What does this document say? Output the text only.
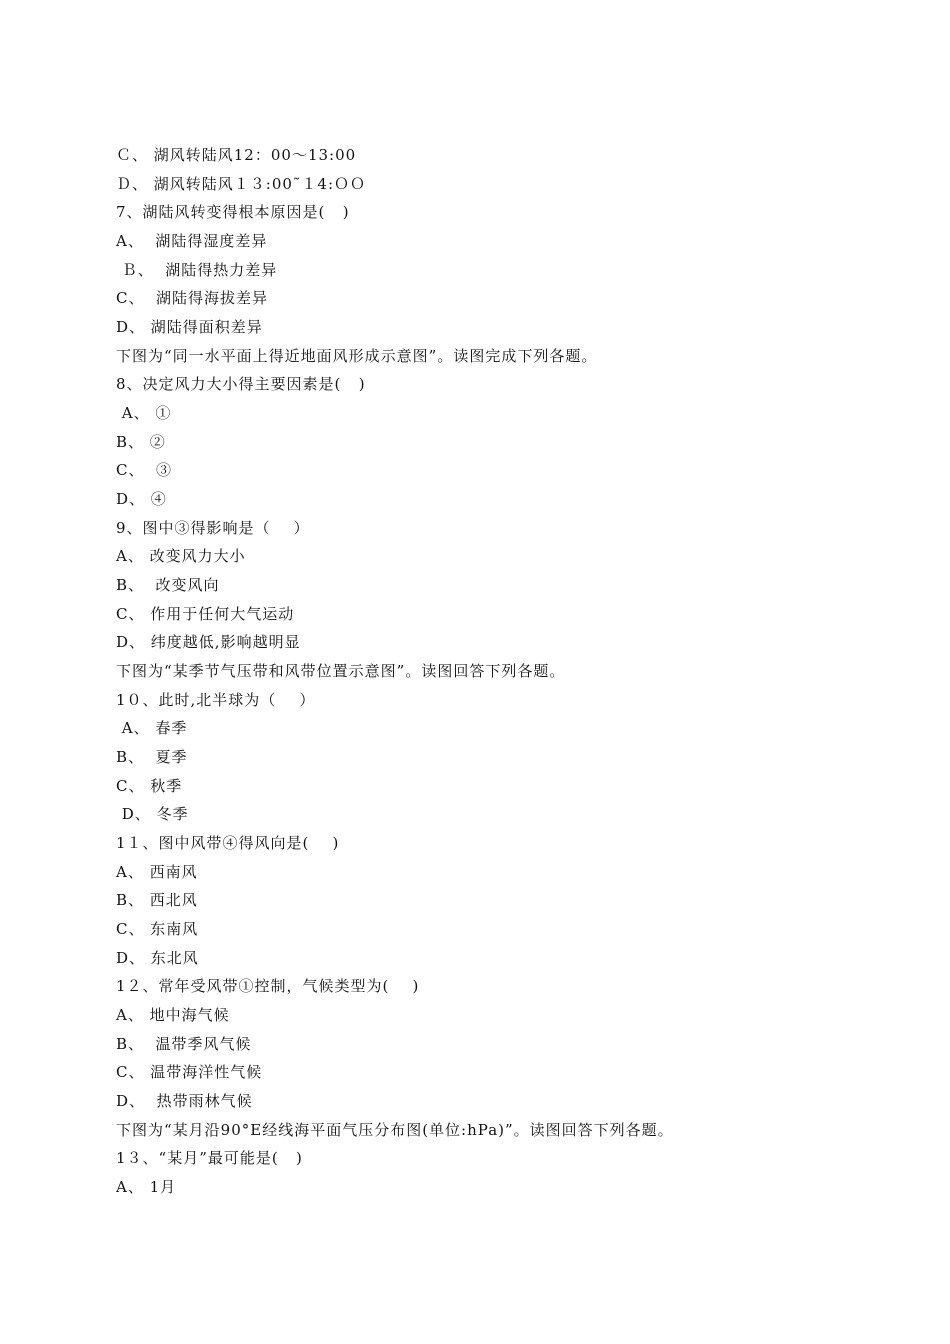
Ｃ、 湖风转陆风12：00～13:00
Ｄ、 湖风转陆风１３:00˜１4:ＯＯ
7、湖陆风转变得根本原因是(   )
A、  湖陆得湿度差异
Ｂ、  湖陆得热力差异
C、  湖陆得海拔差异
D、 湖陆得面积差异
下图为“同一水平面上得近地面风形成示意图”。读图完成下列各题。
8、决定风力大小得主要因素是(   )
A、 ①
B、 ②
C、  ③
D、 ④
9、图中③得影响是（    ）
A、 改变风力大小
B、  改变风向
C、 作用于任何大气运动
D、 纬度越低,影响越明显
下图为“某季节气压带和风带位置示意图”。读图回答下列各题。
1０、此时,北半球为（    ）
A、 春季
B、  夏季
C、 秋季
D、 冬季
1１、图中风带④得风向是(    )
A、 西南风
B、 西北风
C、 东南风
D、 东北风
1２、常年受风带①控制，气候类型为(    )
A、 地中海气候
B、  温带季风气候
C、 温带海洋性气候
D、  热带雨林气候
下图为“某月沿90°E经线海平面气压分布图(单位:hPa)”。读图回答下列各题。
1３、“某月”最可能是(   )
A、 1月
